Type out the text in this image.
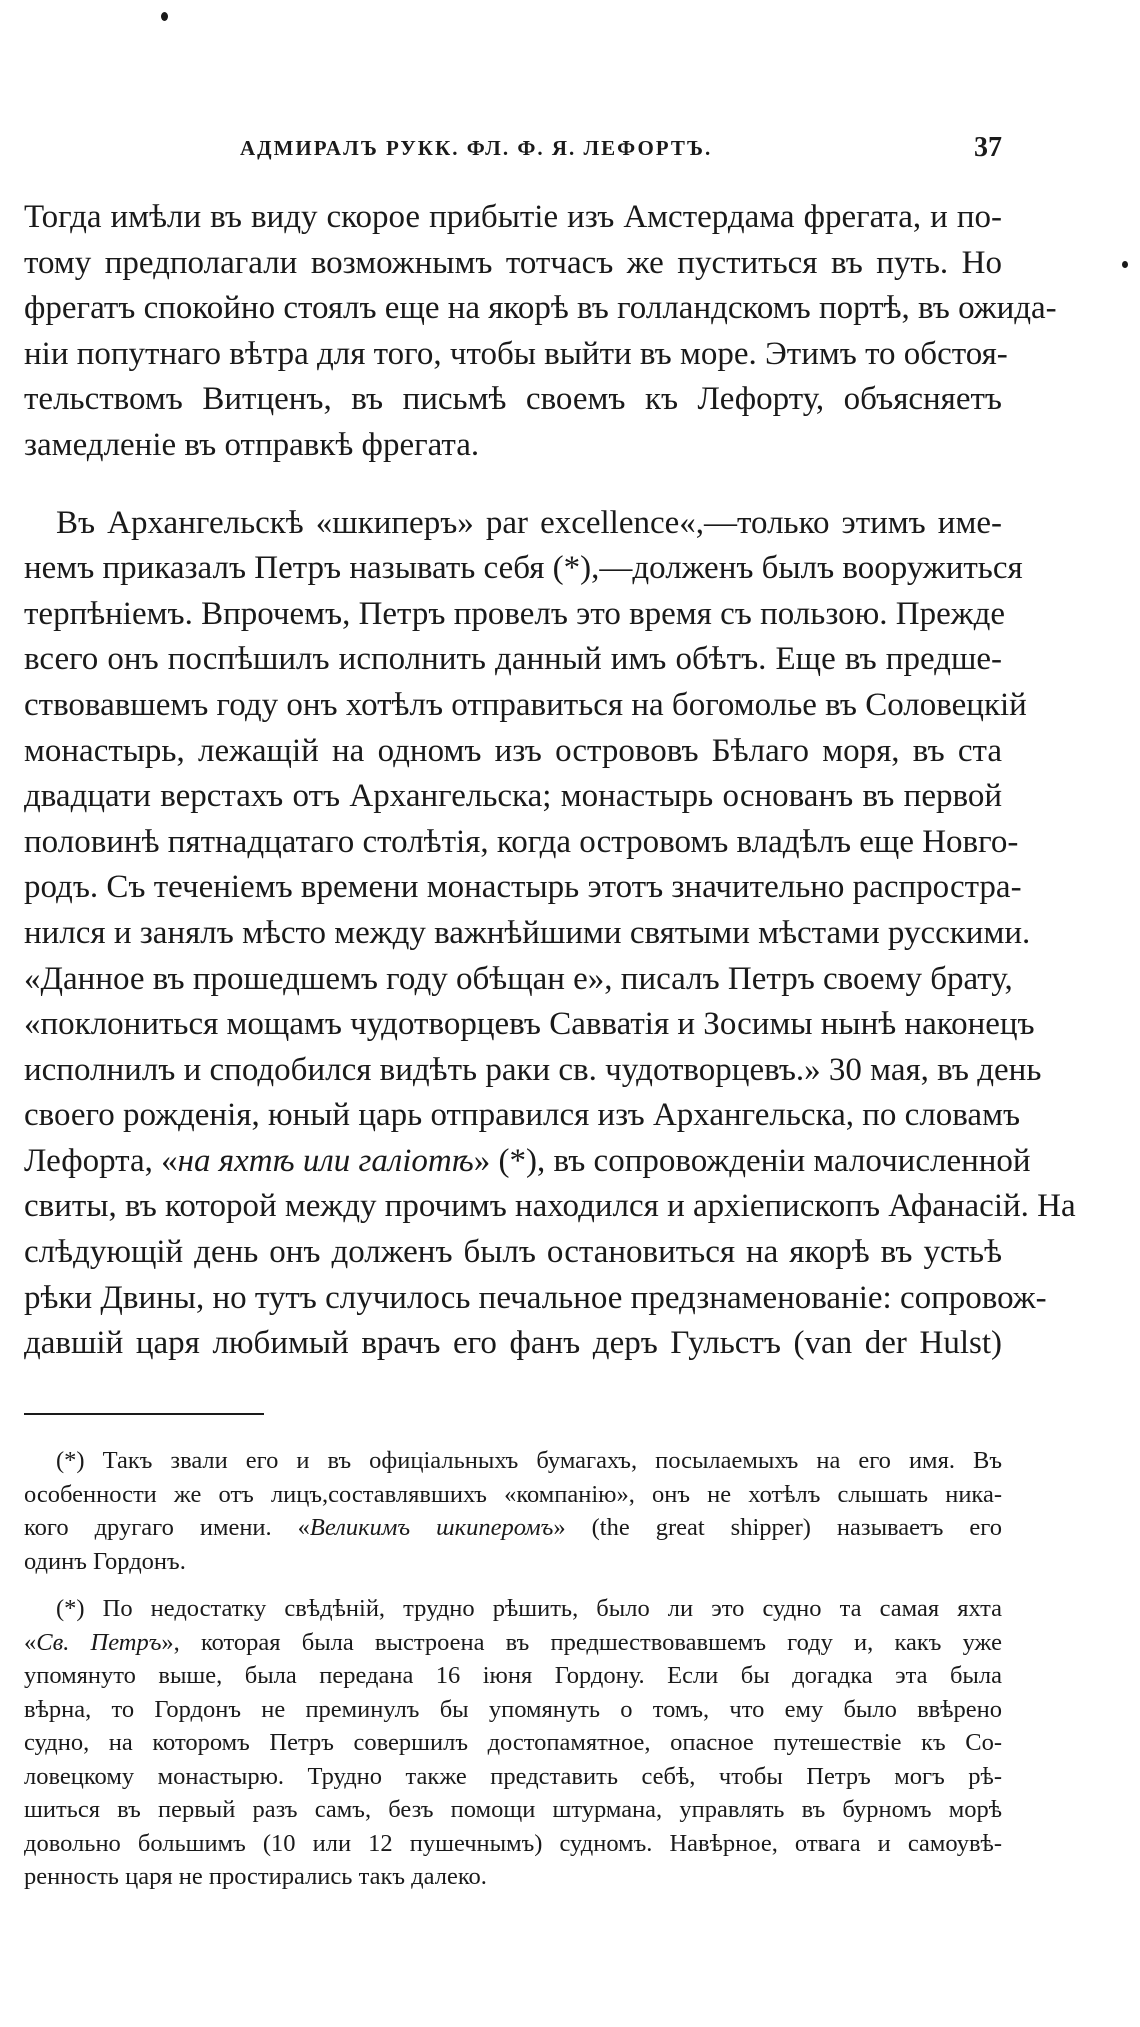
АДМИРАЛЪ РУКК. ФЛ. Ф. Я. ЛЕФОРТЪ.	37

Тогда имѣли въ виду скорое прибытіе изъ Амстердама фрегата, и по-
тому предполагали возможнымъ тотчасъ же пуститься въ путь. Но
фрегатъ спокойно стоялъ еще на якорѣ въ голландскомъ портѣ, въ ожида-
ніи попутнаго вѣтра для того, чтобы выйти въ море. Этимъ то обстоя-
тельствомъ Витценъ, въ письмѣ своемъ къ Лефорту, объясняетъ
замедленіе въ отправкѣ фрегата.

Въ Архангельскѣ «шкиперъ» par excellence«,—только этимъ име-
немъ приказалъ Петръ называть себя (*),—долженъ былъ вооружиться
терпѣніемъ. Впрочемъ, Петръ провелъ это время съ пользою. Прежде
всего онъ поспѣшилъ исполнить данный имъ обѣтъ. Еще въ предше-
ствовавшемъ году онъ хотѣлъ отправиться на богомолье въ Соловецкій
монастырь, лежащій на одномъ изъ острововъ Бѣлаго моря, въ ста
двадцати верстахъ отъ Архангельска; монастырь основанъ въ первой
половинѣ пятнадцатаго столѣтія, когда островомъ владѣлъ еще Новго-
родъ. Съ теченіемъ времени монастырь этотъ значительно распростра-
нился и занялъ мѣсто между важнѣйшими святыми мѣстами русскими.
«Данное въ прошедшемъ году обѣщан е», писалъ Петръ своему брату,
«поклониться мощамъ чудотворцевъ Савватія и Зосимы нынѣ наконецъ
исполнилъ и сподобился видѣть раки св. чудотворцевъ.» 30 мая, въ день
своего рожденія, юный царь отправился изъ Архангельска, по словамъ
Лефорта, «на яхтѣ или галіотѣ» (*), въ сопровожденіи малочисленной
свиты, въ которой между прочимъ находился и архіепископъ Афанасій. На
слѣдующій день онъ долженъ былъ остановиться на якорѣ въ устьѣ
рѣки Двины, но тутъ случилось печальное предзнаменованіе: сопровож-
давшій царя любимый врачъ его фанъ деръ Гульстъ (van der Hulst)

(*) Такъ звали его и въ офиціальныхъ бумагахъ, посылаемыхъ на его имя. Въ
особенности же отъ лицъ,составлявшихъ «компанію», онъ не хотѣлъ слышать ника-
кого другаго имени. «Великимъ шкиперомъ» (the great shipper) называетъ его
одинъ Гордонъ.

(*) По недостатку свѣдѣній, трудно рѣшить, было ли это судно та самая яхта
«Св. Петръ», которая была выстроена въ предшествовавшемъ году и, какъ уже
упомянуто выше, была передана 16 іюня Гордону. Если бы догадка эта была
вѣрна, то Гордонъ не преминулъ бы упомянуть о томъ, что ему было ввѣрено
судно, на которомъ Петръ совершилъ достопамятное, опасное путешествіе къ Со-
ловецкому монастырю. Трудно также представить себѣ, чтобы Петръ могъ рѣ-
шиться въ первый разъ самъ, безъ помощи штурмана, управлять въ бурномъ морѣ
довольно большимъ (10 или 12 пушечнымъ) судномъ. Навѣрное, отвага и самоувѣ-
ренность царя не простирались такъ далеко.
